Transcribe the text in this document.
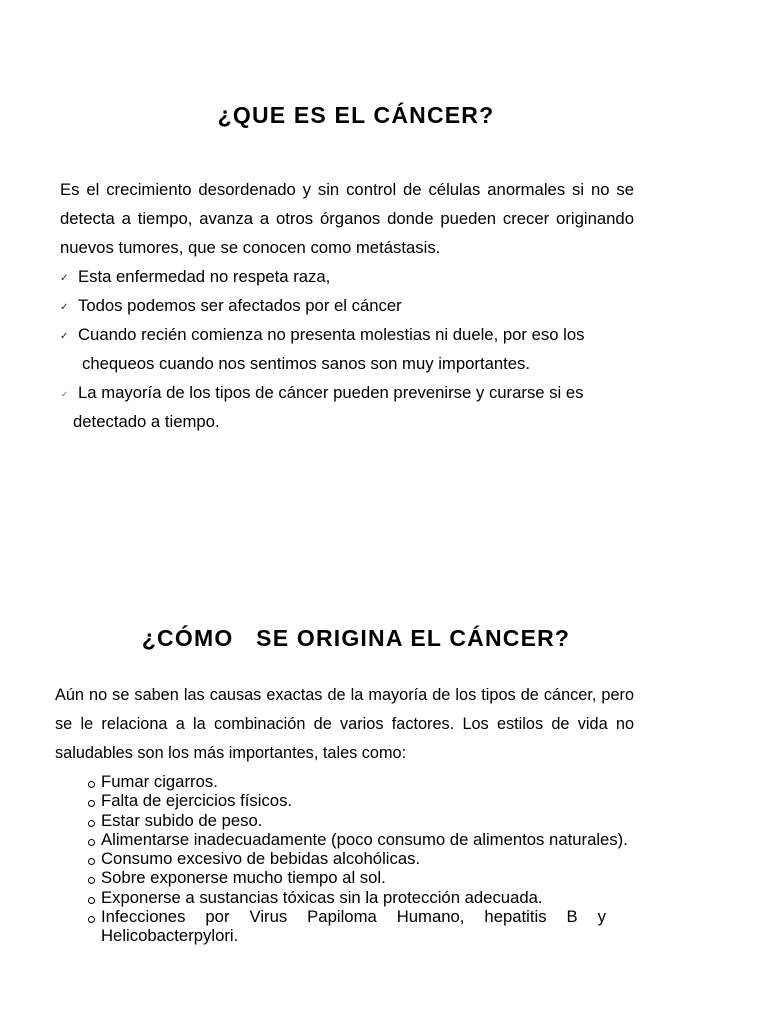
¿QUE ES EL CÁNCER?
Es el crecimiento desordenado y sin control de células anormales si no se
detecta a tiempo, avanza a otros órganos donde pueden crecer originando
nuevos tumores, que se conocen como metástasis.
✓
Esta enfermedad no respeta raza,
✓
Todos podemos ser afectados por el cáncer
✓
Cuando recién comienza no presenta molestias ni duele, por eso los
chequeos cuando nos sentimos sanos son muy importantes.
✓
La mayoría de los tipos de cáncer pueden prevenirse y curarse si es
detectado a tiempo.
¿CÓMO   SE ORIGINA EL CÁNCER?
Aún no se saben las causas exactas de la mayoría de los tipos de cáncer, pero
se le relaciona a la combinación de varios factores. Los estilos de vida no
saludables son los más importantes, tales como:
Fumar cigarros.
Falta de ejercicios físicos.
Estar subido de peso.
Alimentarse inadecuadamente (poco consumo de alimentos naturales).
Consumo excesivo de bebidas alcohólicas.
Sobre exponerse mucho tiempo al sol.
Exponerse a sustancias tóxicas sin la protección adecuada.
Infecciones por Virus Papiloma Humano, hepatitis B y Helicobacterpylori.
